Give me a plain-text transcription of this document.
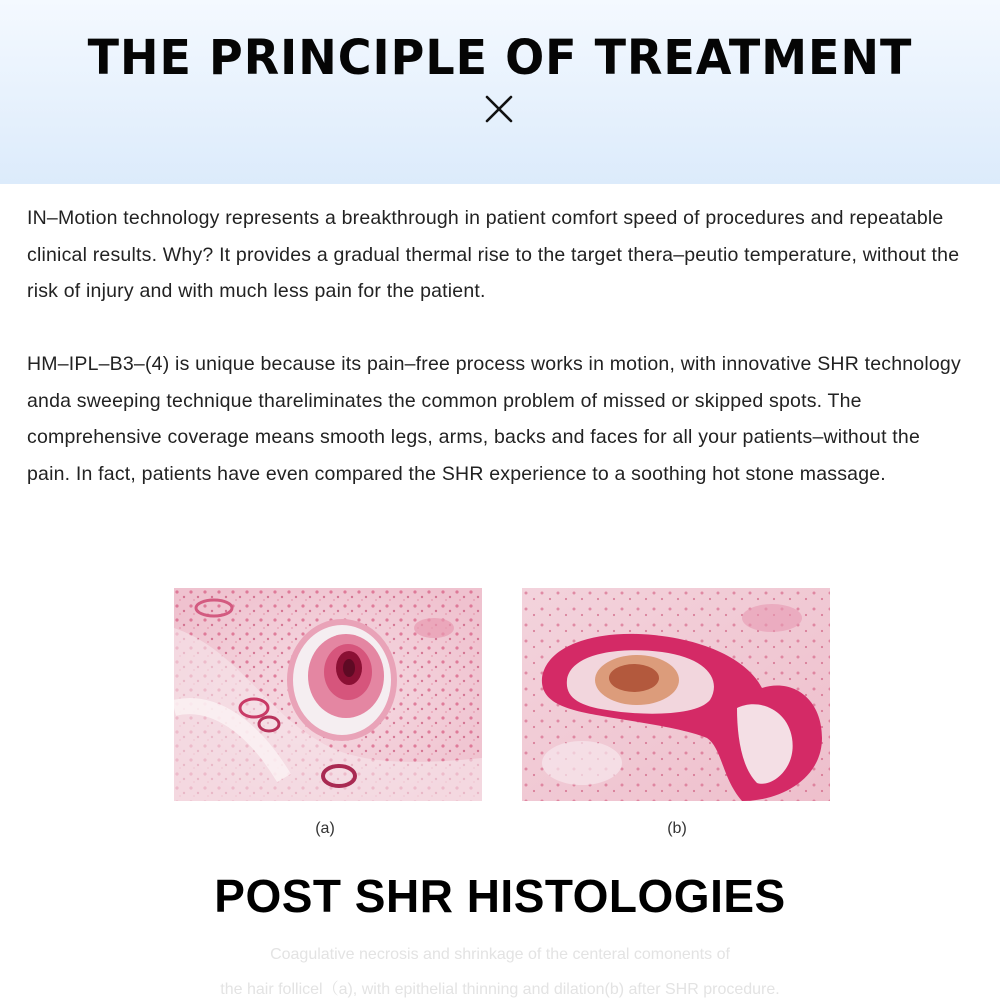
THE PRINCIPLE OF TREATMENT

IN–Motion technology represents a breakthrough in patient comfort speed of procedures and repeatable clinical results. Why? It provides a gradual thermal rise to the target thera–peutio temperature, without the risk of injury and with much less pain for the patient.

HM–IPL–B3–(4) is unique because its pain–free process works in motion, with innovative SHR technology anda sweeping technique thareliminates the common problem of missed or skipped spots. The comprehensive coverage means smooth legs, arms, backs and faces for all your patients–without the pain. In fact, patients have even compared the SHR experience to a soothing hot stone massage.

(a)	(b)
POST SHR HISTOLOGIES

Coagulative necrosis and shrinkage of the centeral comonents of

the hair follicel（a), with epithelial thinning and dilation(b) after SHR procedure.
